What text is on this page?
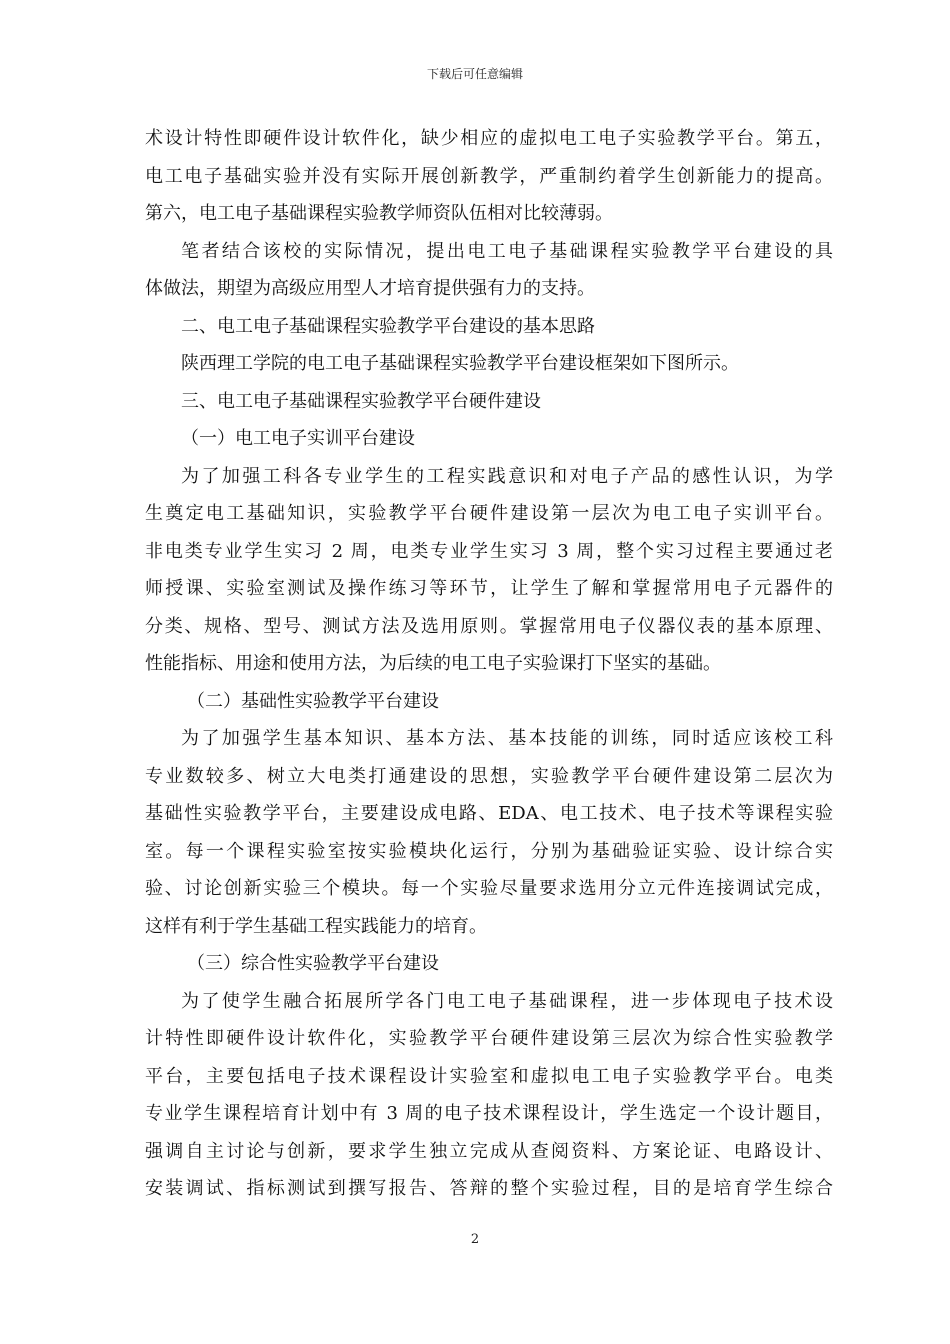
下载后可任意编辑
术设计特性即硬件设计软件化，缺少相应的虚拟电工电子实验教学平台。第五，
电工电子基础实验并没有实际开展创新教学，严重制约着学生创新能力的提高。
第六，电工电子基础课程实验教学师资队伍相对比较薄弱。
笔者结合该校的实际情况，提出电工电子基础课程实验教学平台建设的具
体做法，期望为高级应用型人才培育提供强有力的支持。
二、电工电子基础课程实验教学平台建设的基本思路
陕西理工学院的电工电子基础课程实验教学平台建设框架如下图所示。
三、电工电子基础课程实验教学平台硬件建设
（一）电工电子实训平台建设
为了加强工科各专业学生的工程实践意识和对电子产品的感性认识，为学
生奠定电工基础知识，实验教学平台硬件建设第一层次为电工电子实训平台。
非电类专业学生实习 2 周，电类专业学生实习 3 周，整个实习过程主要通过老
师授课、实验室测试及操作练习等环节，让学生了解和掌握常用电子元器件的
分类、规格、型号、测试方法及选用原则。掌握常用电子仪器仪表的基本原理、
性能指标、用途和使用方法，为后续的电工电子实验课打下坚实的基础。
（二）基础性实验教学平台建设
为了加强学生基本知识、基本方法、基本技能的训练，同时适应该校工科
专业数较多、树立大电类打通建设的思想，实验教学平台硬件建设第二层次为
基础性实验教学平台，主要建设成电路、EDA、电工技术、电子技术等课程实验
室。每一个课程实验室按实验模块化运行，分别为基础验证实验、设计综合实
验、讨论创新实验三个模块。每一个实验尽量要求选用分立元件连接调试完成，
这样有利于学生基础工程实践能力的培育。
（三）综合性实验教学平台建设
为了使学生融合拓展所学各门电工电子基础课程，进一步体现电子技术设
计特性即硬件设计软件化，实验教学平台硬件建设第三层次为综合性实验教学
平台，主要包括电子技术课程设计实验室和虚拟电工电子实验教学平台。电类
专业学生课程培育计划中有 3 周的电子技术课程设计，学生选定一个设计题目，
强调自主讨论与创新，要求学生独立完成从查阅资料、方案论证、电路设计、
安装调试、指标测试到撰写报告、答辩的整个实验过程，目的是培育学生综合
2
